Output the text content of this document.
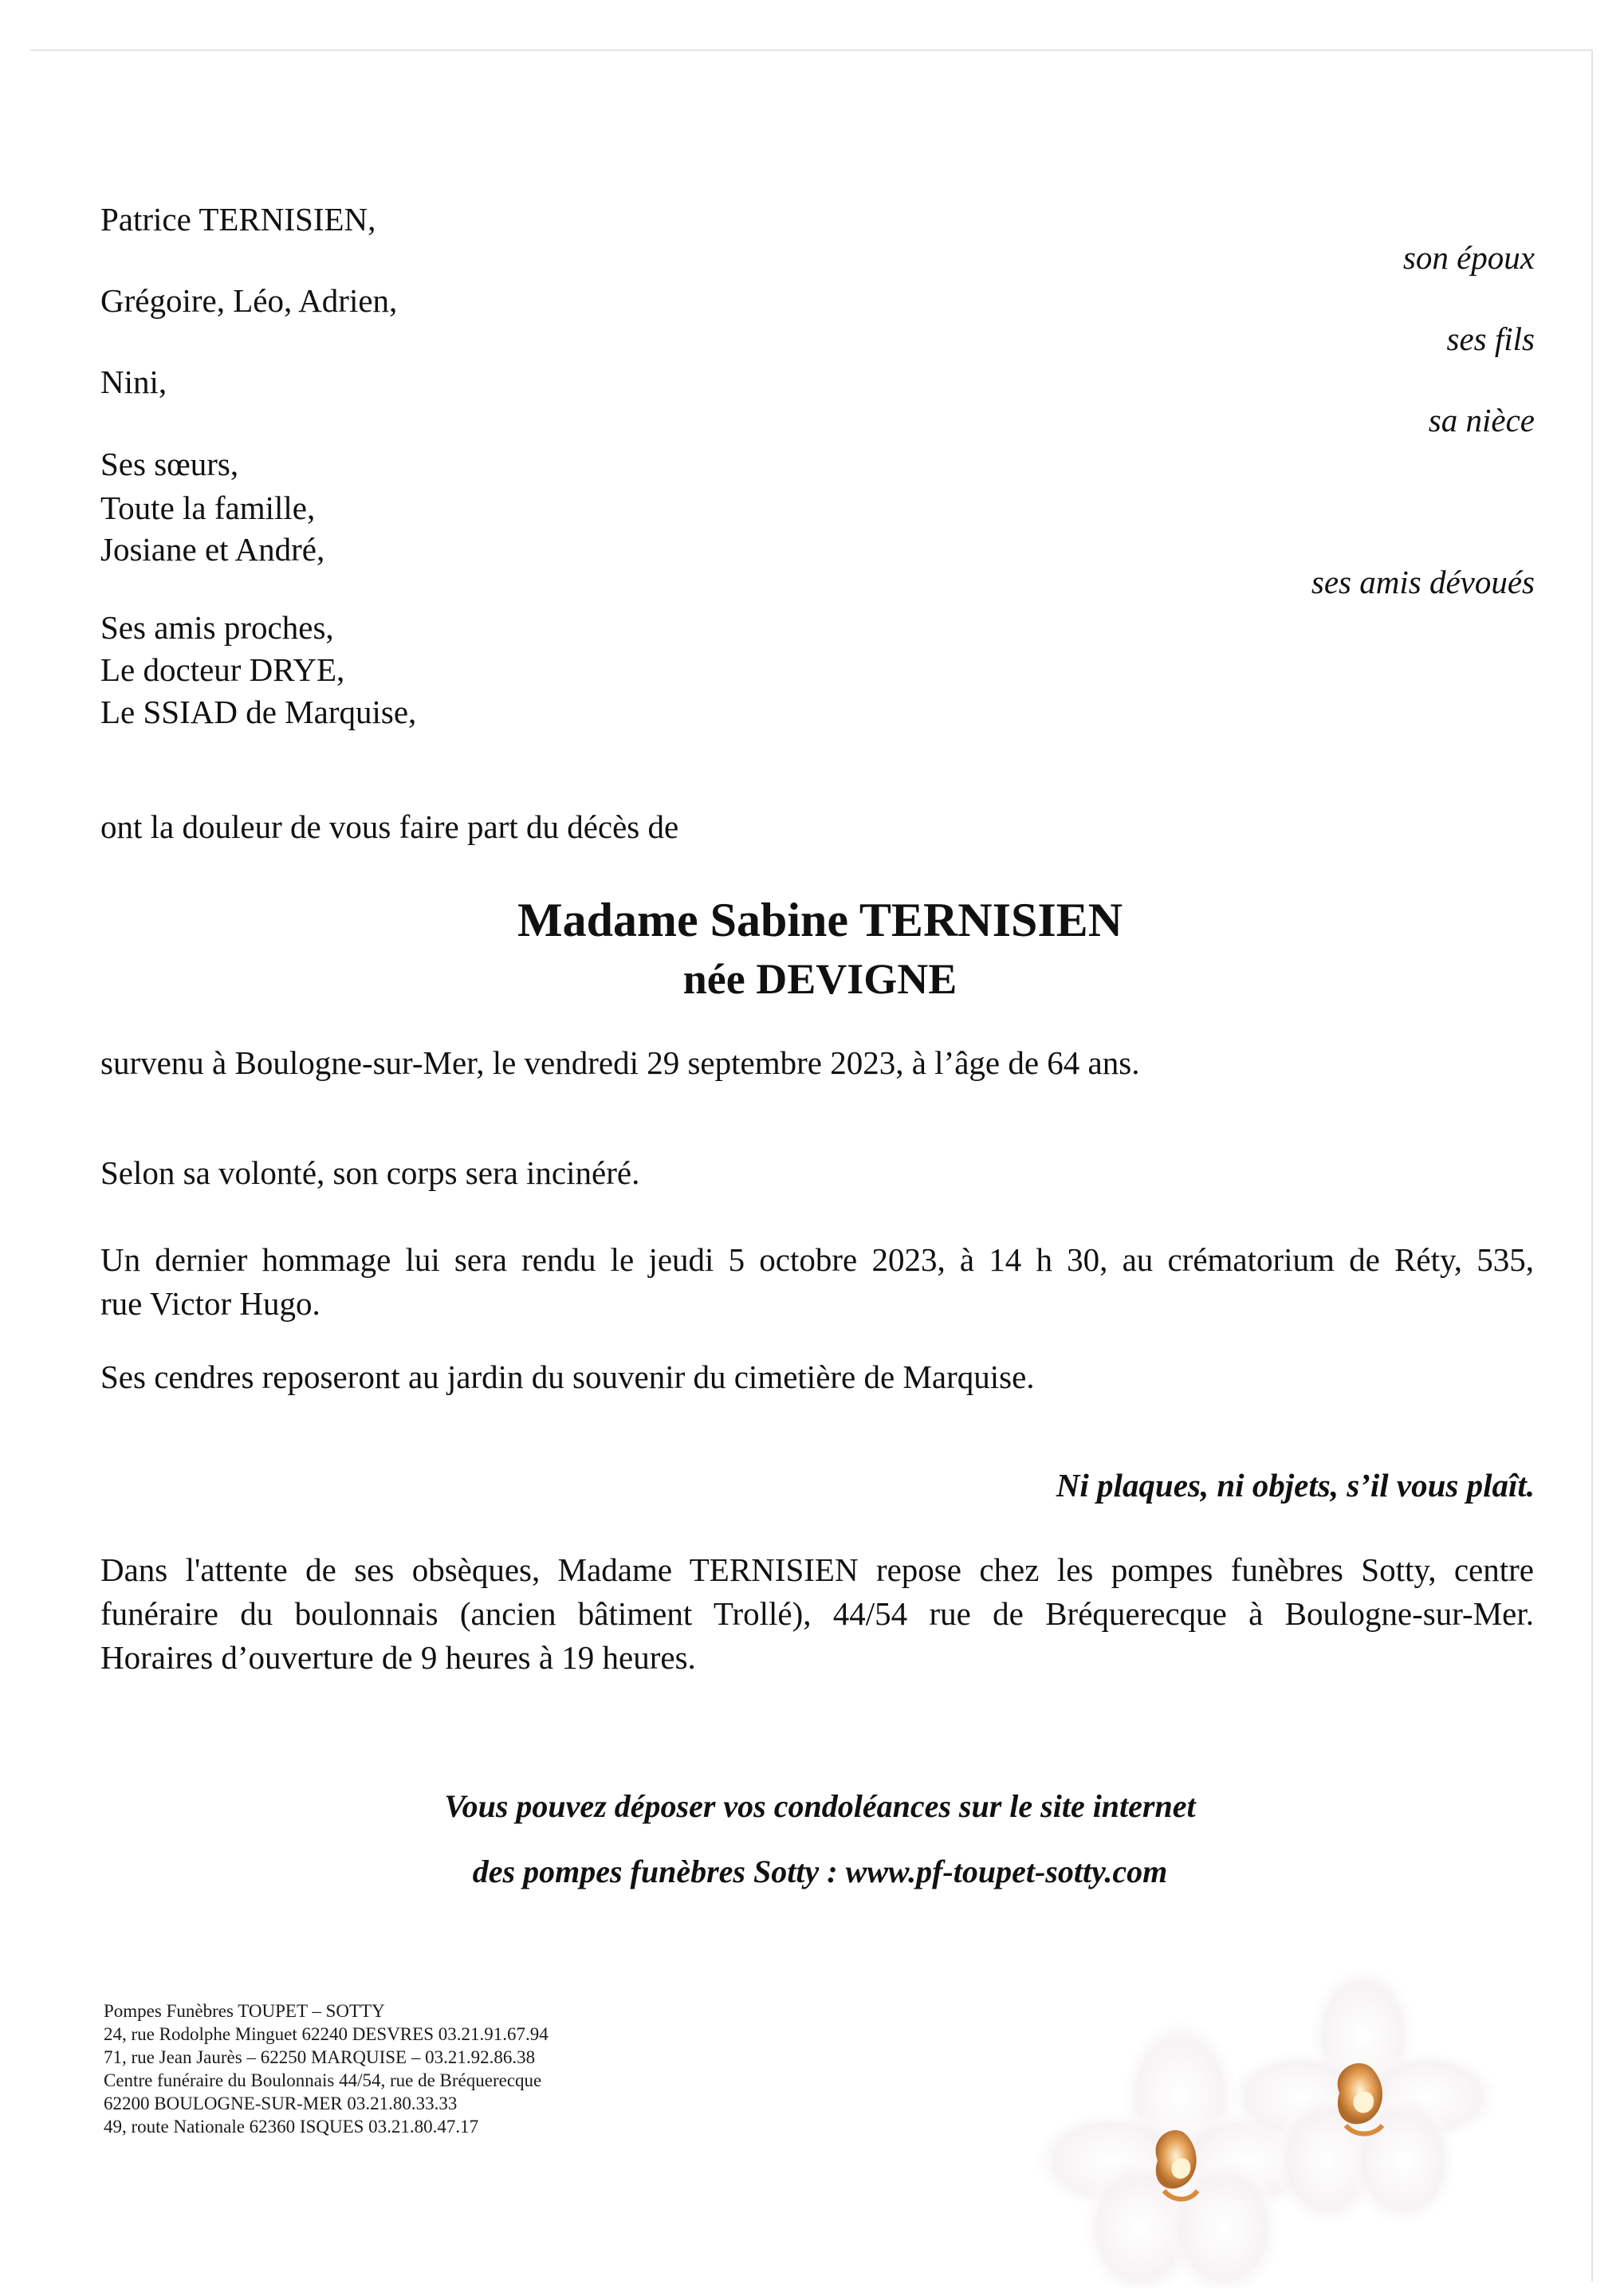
Patrice TERNISIEN,
son époux
Grégoire, Léo, Adrien,
ses fils
Nini,
sa nièce
Ses sœurs,
Toute la famille,
Josiane et André,
ses amis dévoués
Ses amis proches,
Le docteur DRYE,
Le SSIAD de Marquise,
ont la douleur de vous faire part du décès de
Madame Sabine TERNISIEN
née DEVIGNE
survenu à Boulogne-sur-Mer, le vendredi 29 septembre 2023, à l’âge de 64 ans.
Selon sa volonté, son corps sera incinéré.
Un dernier hommage lui sera rendu le jeudi 5 octobre 2023, à 14 h 30, au crématorium de Réty, 535,
rue Victor Hugo.
Ses cendres reposeront au jardin du souvenir du cimetière de Marquise.
Ni plaques, ni objets, s’il vous plaît.
Dans l'attente de ses obsèques, Madame TERNISIEN repose chez les pompes funèbres Sotty, centre
funéraire du boulonnais (ancien bâtiment Trollé), 44/54 rue de Bréquerecque à Boulogne-sur-Mer.
Horaires d’ouverture de 9 heures à 19 heures.
Vous pouvez déposer vos condoléances sur le site internet
des pompes funèbres Sotty : www.pf-toupet-sotty.com
Pompes Funèbres TOUPET – SOTTY
24, rue Rodolphe Minguet 62240 DESVRES 03.21.91.67.94
71, rue Jean Jaurès – 62250 MARQUISE – 03.21.92.86.38
Centre funéraire du Boulonnais 44/54, rue de Bréquerecque
62200 BOULOGNE-SUR-MER 03.21.80.33.33
49, route Nationale 62360 ISQUES 03.21.80.47.17
